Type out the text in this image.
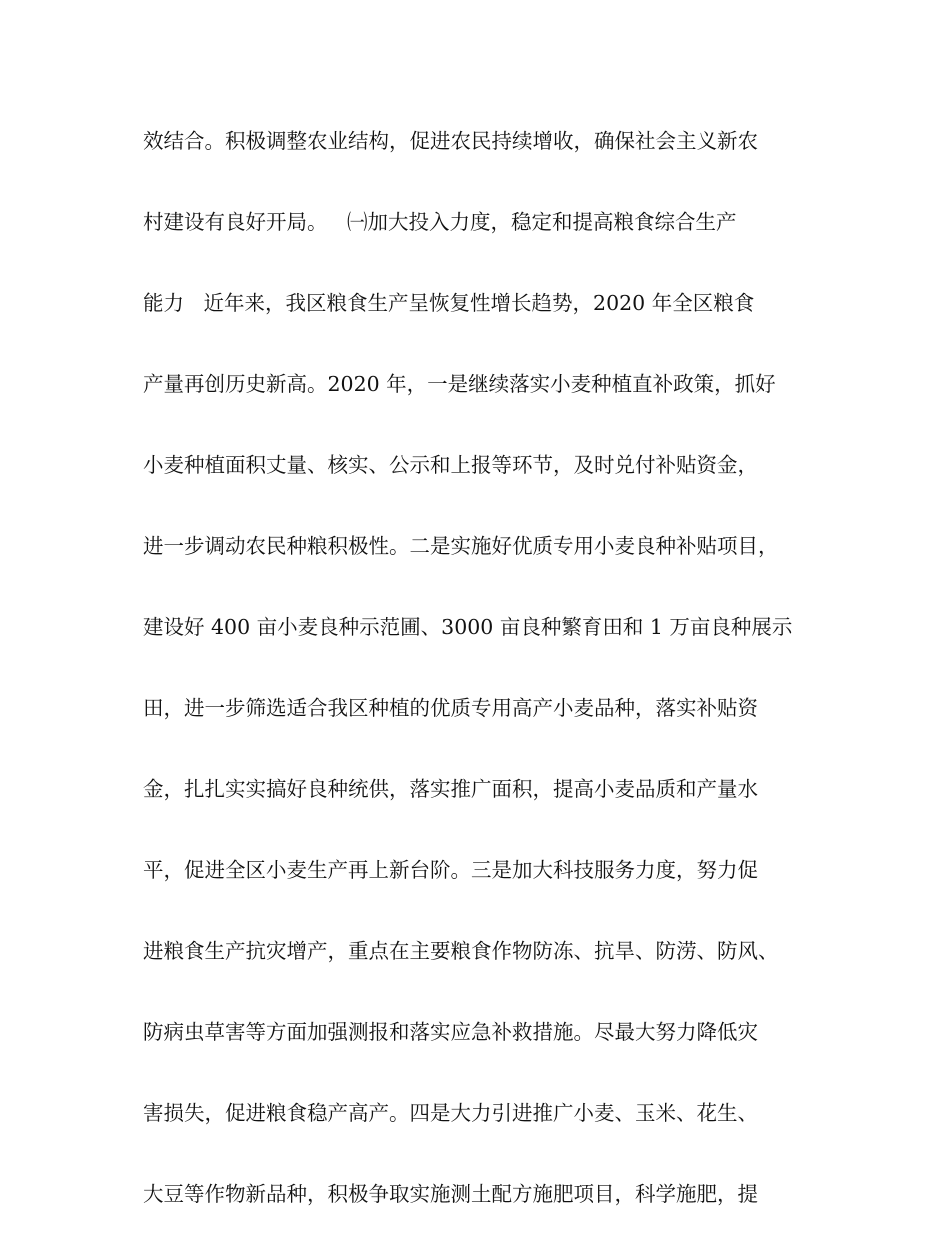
效结合。积极调整农业结构，促进农民持续增收，确保社会主义新农
村建设有良好开局。   ㈠加大投入力度，稳定和提高粮食综合生产
能力   近年来，我区粮食生产呈恢复性增长趋势，2020 年全区粮食
产量再创历史新高。2020 年，一是继续落实小麦种植直补政策，抓好
小麦种植面积丈量、核实、公示和上报等环节，及时兑付补贴资金，
进一步调动农民种粮积极性。二是实施好优质专用小麦良种补贴项目，
建设好 400 亩小麦良种示范圃、3000 亩良种繁育田和 1 万亩良种展示
田，进一步筛选适合我区种植的优质专用高产小麦品种，落实补贴资
金，扎扎实实搞好良种统供，落实推广面积，提高小麦品质和产量水
平，促进全区小麦生产再上新台阶。三是加大科技服务力度，努力促
进粮食生产抗灾增产，重点在主要粮食作物防冻、抗旱、防涝、防风、
防病虫草害等方面加强测报和落实应急补救措施。尽最大努力降低灾
害损失，促进粮食稳产高产。四是大力引进推广小麦、玉米、花生、
大豆等作物新品种，积极争取实施测土配方施肥项目，科学施肥，提
